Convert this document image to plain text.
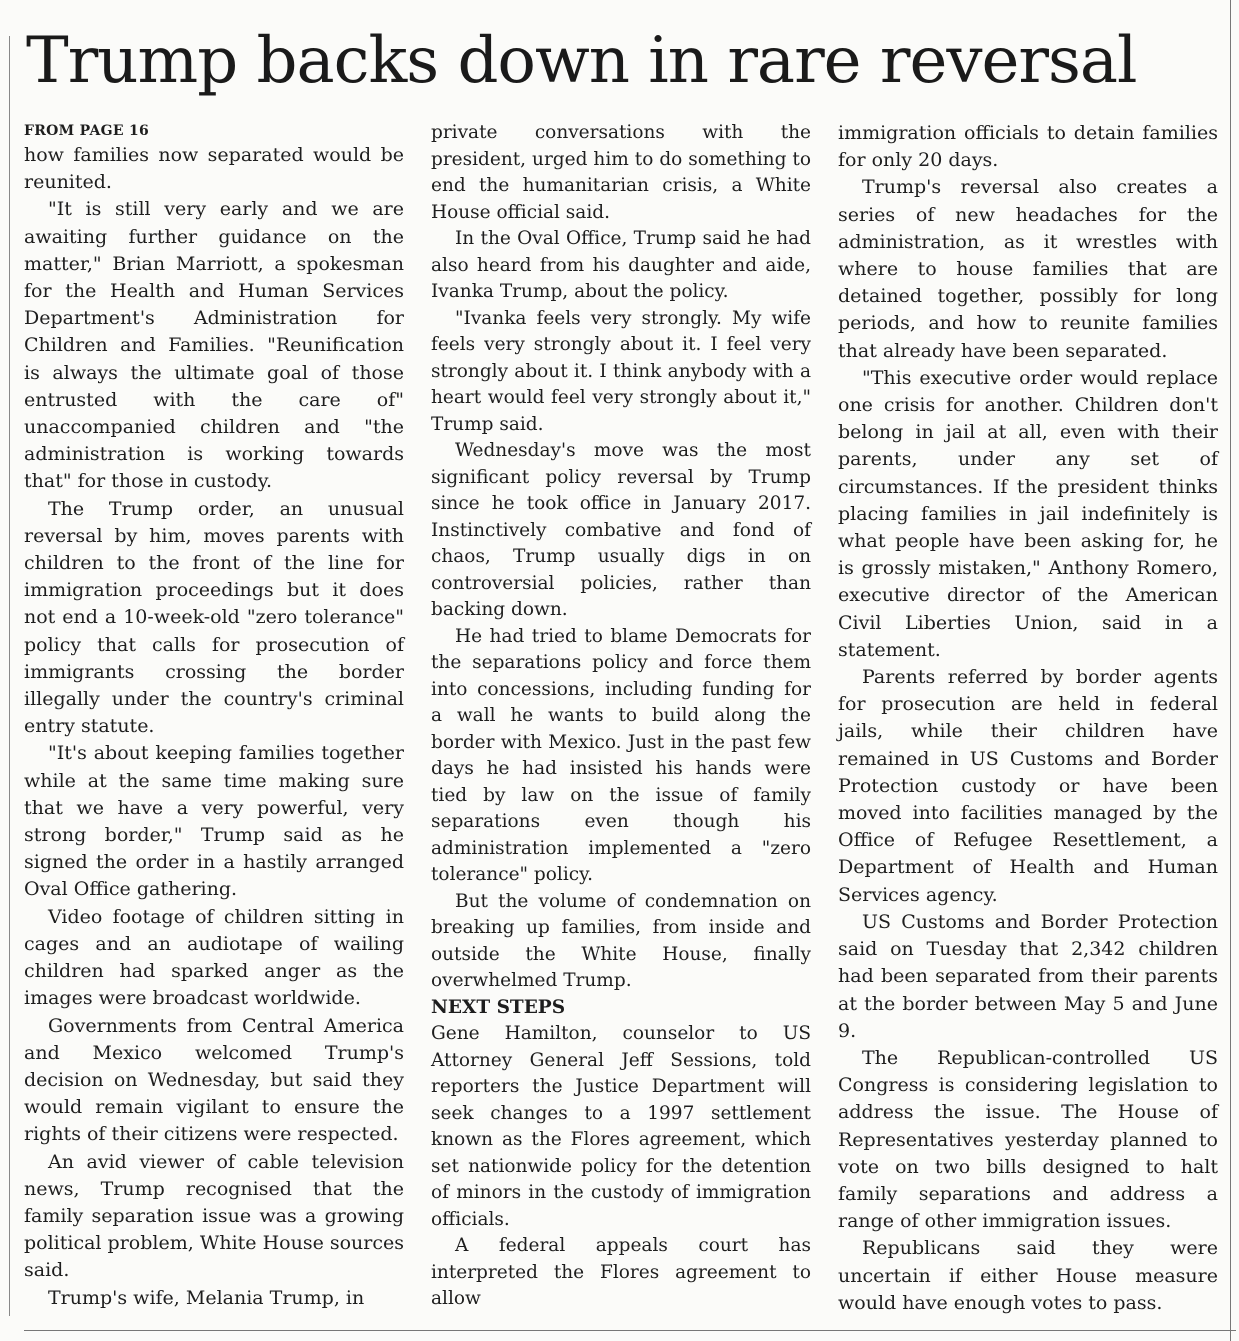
Trump backs down in rare reversal
FROM PAGE 16

how families now separated would be reunited.

"It is still very early and we are awaiting further guidance on the matter," Brian Marriott, a spokesman for the Health and Human Services Department's Administration for Children and Families. "Reunification is always the ultimate goal of those entrusted with the care of" unaccompanied children and "the administration is working towards that" for those in custody.

The Trump order, an unusual reversal by him, moves parents with children to the front of the line for immigration proceedings but it does not end a 10-week-old "zero tolerance" policy that calls for prosecution of immigrants crossing the border illegally under the country's criminal entry statute.

"It's about keeping families together while at the same time making sure that we have a very powerful, very strong border," Trump said as he signed the order in a hastily arranged Oval Office gathering.

Video footage of children sitting in cages and an audiotape of wailing children had sparked anger as the images were broadcast worldwide.

Governments from Central America and Mexico welcomed Trump's decision on Wednesday, but said they would remain vigilant to ensure the rights of their citizens were respected.

An avid viewer of cable television news, Trump recognised that the family separation issue was a growing political problem, White House sources said.

Trump's wife, Melania Trump, in

private conversations with the president, urged him to do something to end the humanitarian crisis, a White House official said.

In the Oval Office, Trump said he had also heard from his daughter and aide, Ivanka Trump, about the policy.

"Ivanka feels very strongly. My wife feels very strongly about it. I feel very strongly about it. I think anybody with a heart would feel very strongly about it," Trump said.

Wednesday's move was the most significant policy reversal by Trump since he took office in January 2017. Instinctively combative and fond of chaos, Trump usually digs in on controversial policies, rather than backing down.

He had tried to blame Democrats for the separations policy and force them into concessions, including funding for a wall he wants to build along the border with Mexico. Just in the past few days he had insisted his hands were tied by law on the issue of family separations even though his administration implemented a "zero tolerance" policy.

But the volume of condemnation on breaking up families, from inside and outside the White House, finally overwhelmed Trump.

NEXT STEPS

Gene Hamilton, counselor to US Attorney General Jeff Sessions, told reporters the Justice Department will seek changes to a 1997 settlement known as the Flores agreement, which set nationwide policy for the detention of minors in the custody of immigration officials.

A federal appeals court has interpreted the Flores agreement to allow

immigration officials to detain families for only 20 days.

Trump's reversal also creates a series of new headaches for the administration, as it wrestles with where to house families that are detained together, possibly for long periods, and how to reunite families that already have been separated.

"This executive order would replace one crisis for another. Children don't belong in jail at all, even with their parents, under any set of circumstances. If the president thinks placing families in jail indefinitely is what people have been asking for, he is grossly mistaken," Anthony Romero, executive director of the American Civil Liberties Union, said in a statement.

Parents referred by border agents for prosecution are held in federal jails, while their children have remained in US Customs and Border Protection custody or have been moved into facilities managed by the Office of Refugee Resettlement, a Department of Health and Human Services agency.

US Customs and Border Protection said on Tuesday that 2,342 children had been separated from their parents at the border between May 5 and June 9.

The Republican-controlled US Congress is considering legislation to address the issue. The House of Representatives yesterday planned to vote on two bills designed to halt family separations and address a range of other immigration issues.

Republicans said they were uncertain if either House measure would have enough votes to pass.
